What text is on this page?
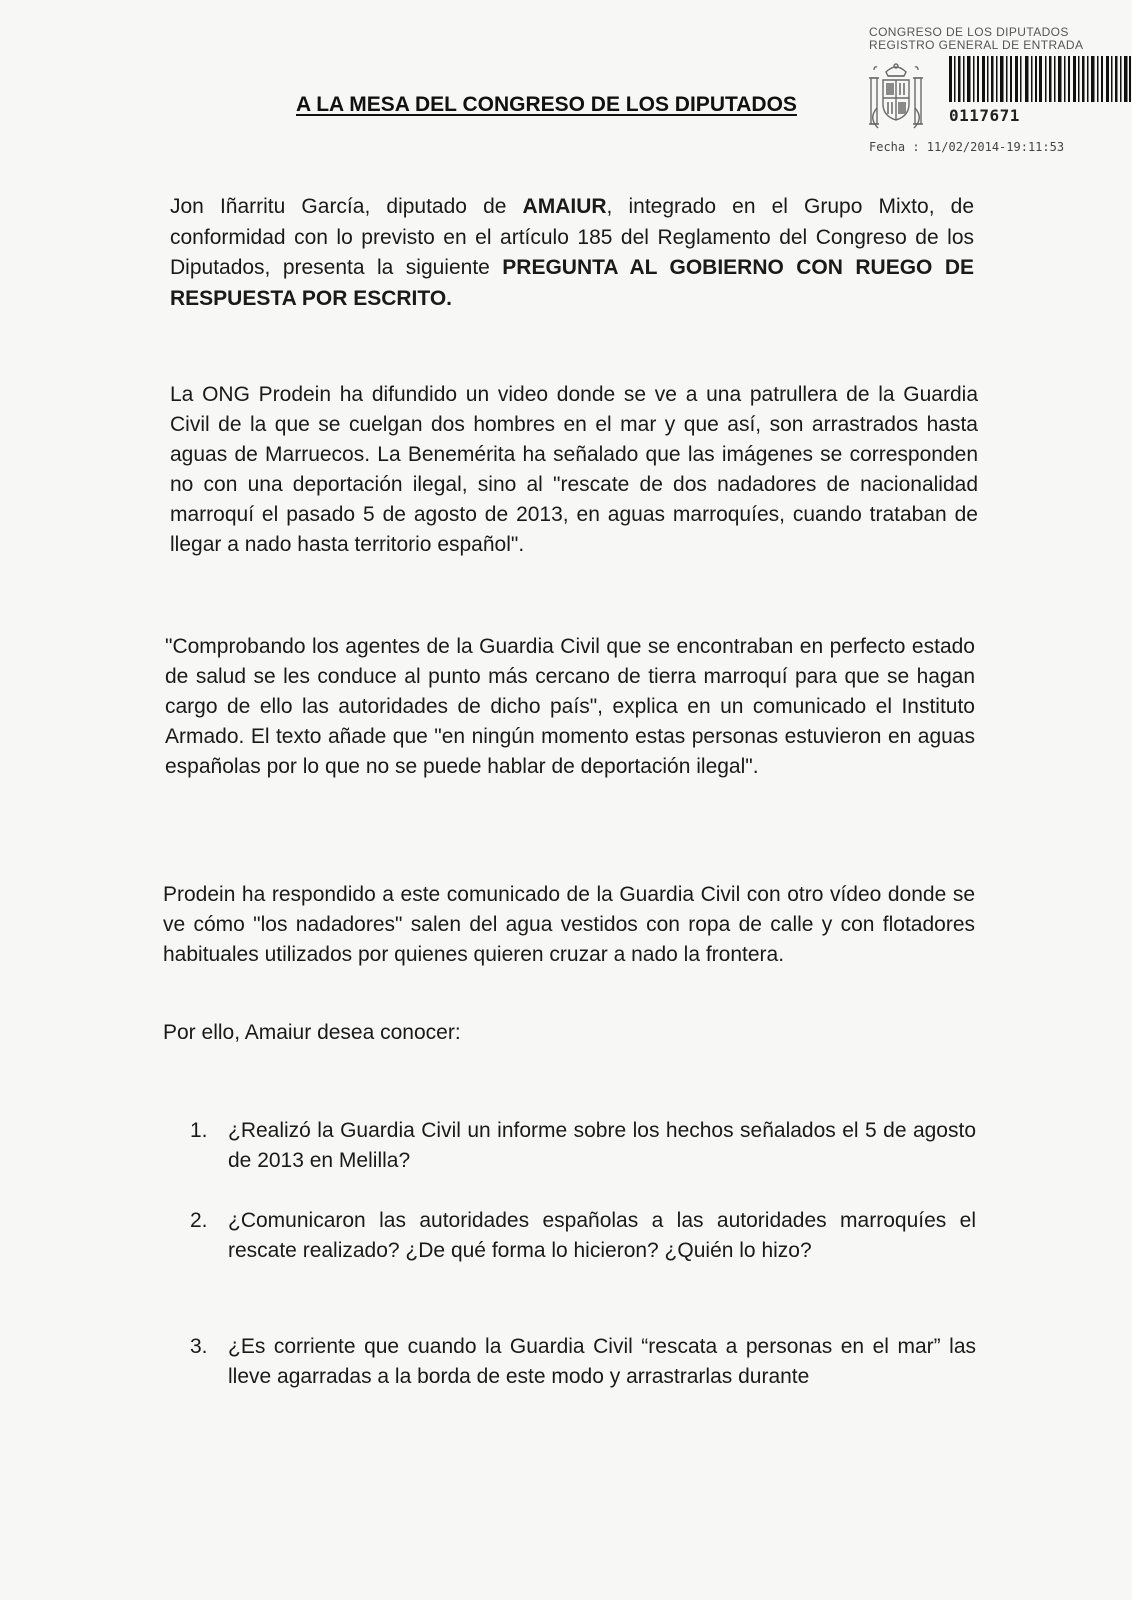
CONGRESO DE LOS DIPUTADOS
REGISTRO GENERAL DE ENTRADA
0117671
Fecha : 11/02/2014-19:11:53
A LA MESA DEL CONGRESO DE LOS DIPUTADOS

Jon Iñarritu García, diputado de AMAIUR, integrado en el Grupo Mixto, de conformidad con lo previsto en el artículo 185 del Reglamento del Congreso de los Diputados, presenta la siguiente PREGUNTA AL GOBIERNO CON RUEGO DE RESPUESTA POR ESCRITO.

La ONG Prodein ha difundido un video donde se ve a una patrullera de la Guardia Civil de la que se cuelgan dos hombres en el mar y que así, son arrastrados hasta aguas de Marruecos. La Benemérita ha señalado que las imágenes se corresponden no con una deportación ilegal, sino al "rescate de dos nadadores de nacionalidad marroquí el pasado 5 de agosto de 2013, en aguas marroquíes, cuando trataban de llegar a nado hasta territorio español".

"Comprobando los agentes de la Guardia Civil que se encontraban en perfecto estado de salud se les conduce al punto más cercano de tierra marroquí para que se hagan cargo de ello las autoridades de dicho país", explica en un comunicado el Instituto Armado. El texto añade que "en ningún momento estas personas estuvieron en aguas españolas por lo que no se puede hablar de deportación ilegal".

Prodein ha respondido a este comunicado de la Guardia Civil con otro vídeo donde se ve cómo "los nadadores" salen del agua vestidos con ropa de calle y con flotadores habituales utilizados por quienes quieren cruzar a nado la frontera.

Por ello, Amaiur desea conocer:

1. ¿Realizó la Guardia Civil un informe sobre los hechos señalados el 5 de agosto de 2013 en Melilla?
2. ¿Comunicaron las autoridades españolas a las autoridades marroquíes el rescate realizado? ¿De qué forma lo hicieron? ¿Quién lo hizo?
3. ¿Es corriente que cuando la Guardia Civil “rescata a personas en el mar” las lleve agarradas a la borda de este modo y arrastrarlas durante
